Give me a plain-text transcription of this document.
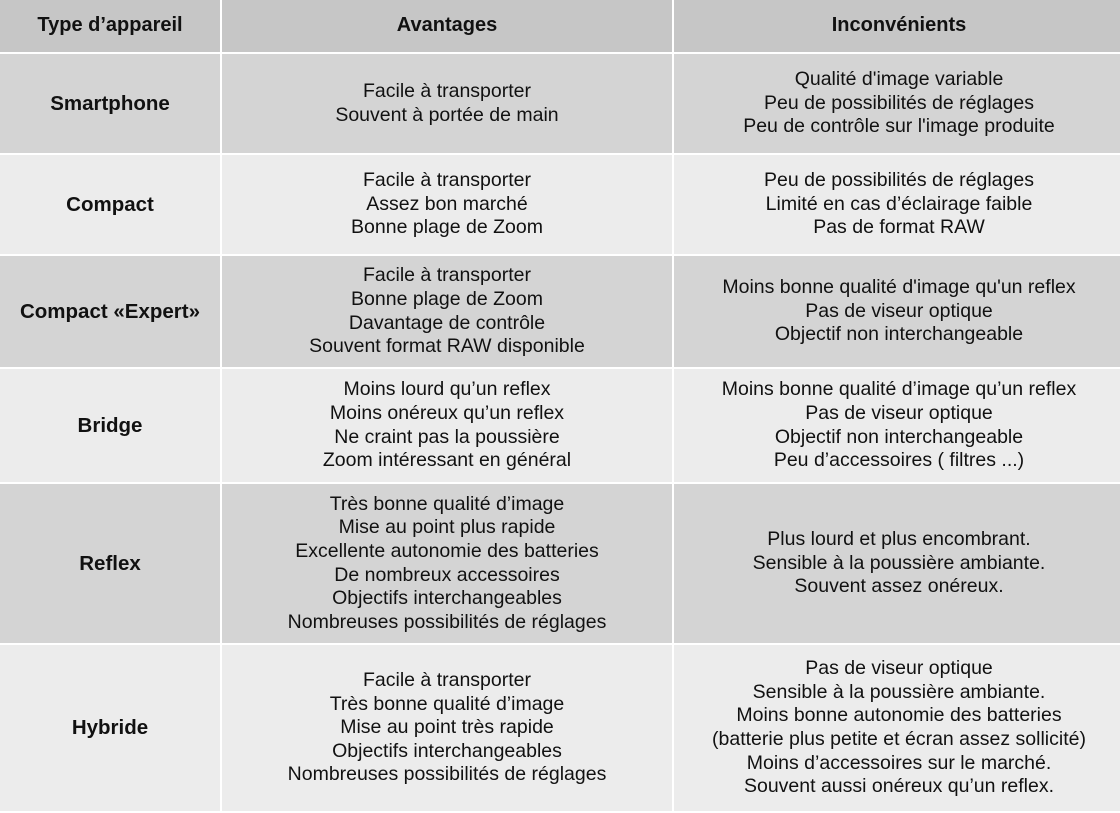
Type d’appareil	Avantages	Inconvénients
Smartphone
Facile à transporter
Souvent à portée de main
Qualité d'image variable
Peu de possibilités de réglages
Peu de contrôle sur l'image produite
Compact
Facile à transporter
Assez bon marché
Bonne plage de Zoom
Peu de possibilités de réglages
Limité en cas d’éclairage faible
Pas de format RAW
Compact «Expert»
Facile à transporter
Bonne plage de Zoom
Davantage de contrôle
Souvent format RAW disponible
Moins bonne qualité d'image qu'un reflex
Pas de viseur optique
Objectif non interchangeable
Bridge
Moins lourd qu’un reflex
Moins onéreux qu’un reflex
Ne craint pas la poussière
Zoom intéressant en général
Moins bonne qualité d’image qu’un reflex
Pas de viseur optique
Objectif non interchangeable
Peu d’accessoires ( filtres ...)
Reflex
Très bonne qualité d’image
Mise au point plus rapide
Excellente autonomie des batteries
De nombreux accessoires
Objectifs interchangeables
Nombreuses possibilités de réglages
Plus lourd et plus encombrant.
Sensible à la poussière ambiante.
Souvent assez onéreux.
Hybride
Facile à transporter
Très bonne qualité d’image
Mise au point très rapide
Objectifs interchangeables
Nombreuses possibilités de réglages
Pas de viseur optique
Sensible à la poussière ambiante.
Moins bonne autonomie des batteries
(batterie plus petite et écran assez sollicité)
Moins d’accessoires sur le marché.
Souvent aussi onéreux qu’un reflex.
